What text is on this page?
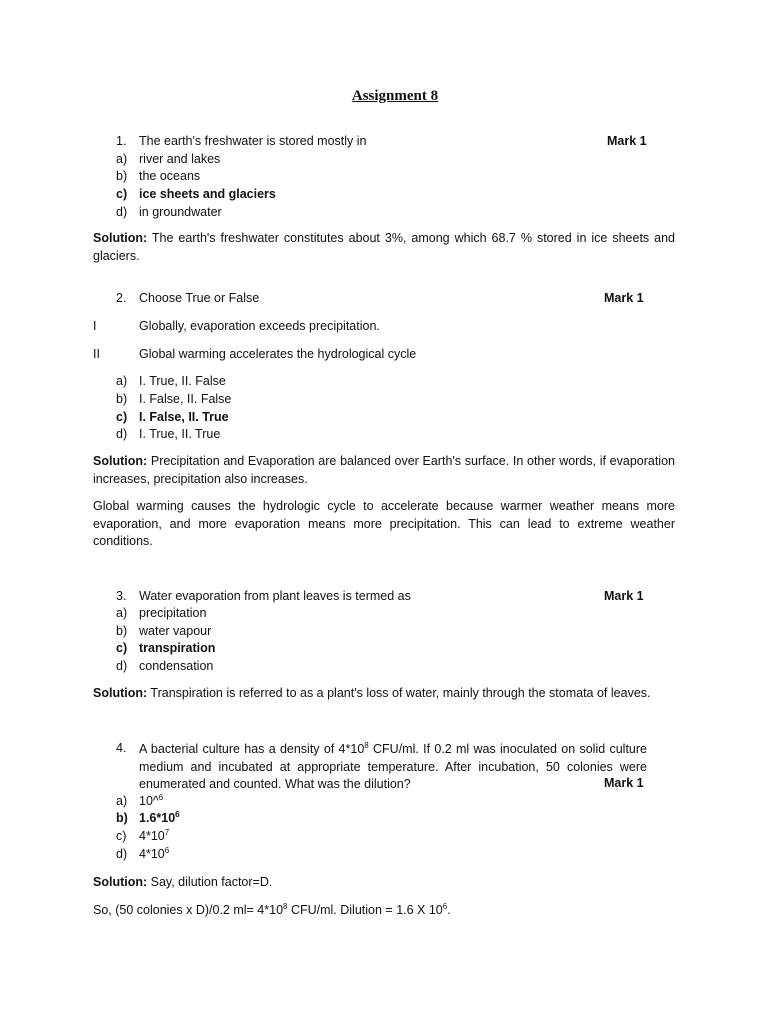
Assignment 8
1. The earth's freshwater is stored mostly in	Mark 1
a) river and lakes
b) the oceans
c) ice sheets and glaciers
d) in groundwater
Solution: The earth's freshwater constitutes about 3%, among which 68.7 % stored in ice sheets and glaciers.
2. Choose True or False	Mark 1
I	Globally, evaporation exceeds precipitation.
II	Global warming accelerates the hydrological cycle
a) I. True, II. False
b) I. False, II. False
c) I. False, II. True
d) I. True, II. True
Solution: Precipitation and Evaporation are balanced over Earth's surface. In other words, if evaporation increases, precipitation also increases.
Global warming causes the hydrologic cycle to accelerate because warmer weather means more evaporation, and more evaporation means more precipitation. This can lead to extreme weather conditions.
3. Water evaporation from plant leaves is termed as	Mark 1
a) precipitation
b) water vapour
c) transpiration
d) condensation
Solution: Transpiration is referred to as a plant's loss of water, mainly through the stomata of leaves.
4. A bacterial culture has a density of $4*10^8$ CFU/ml. If 0.2 ml was inoculated on solid culture medium and incubated at appropriate temperature. After incubation, 50 colonies were enumerated and counted. What was the dilution?	Mark 1
a) 10^$^6$
b) $1.6*10^6$
c) $4*10^7$
d) $4*10^6$
Solution: Say, dilution factor=D.
So, (50 colonies x D)/0.2 $ml= 4*10^8$ CFU/ml. Dilution = 1.6 X $10^6$.
